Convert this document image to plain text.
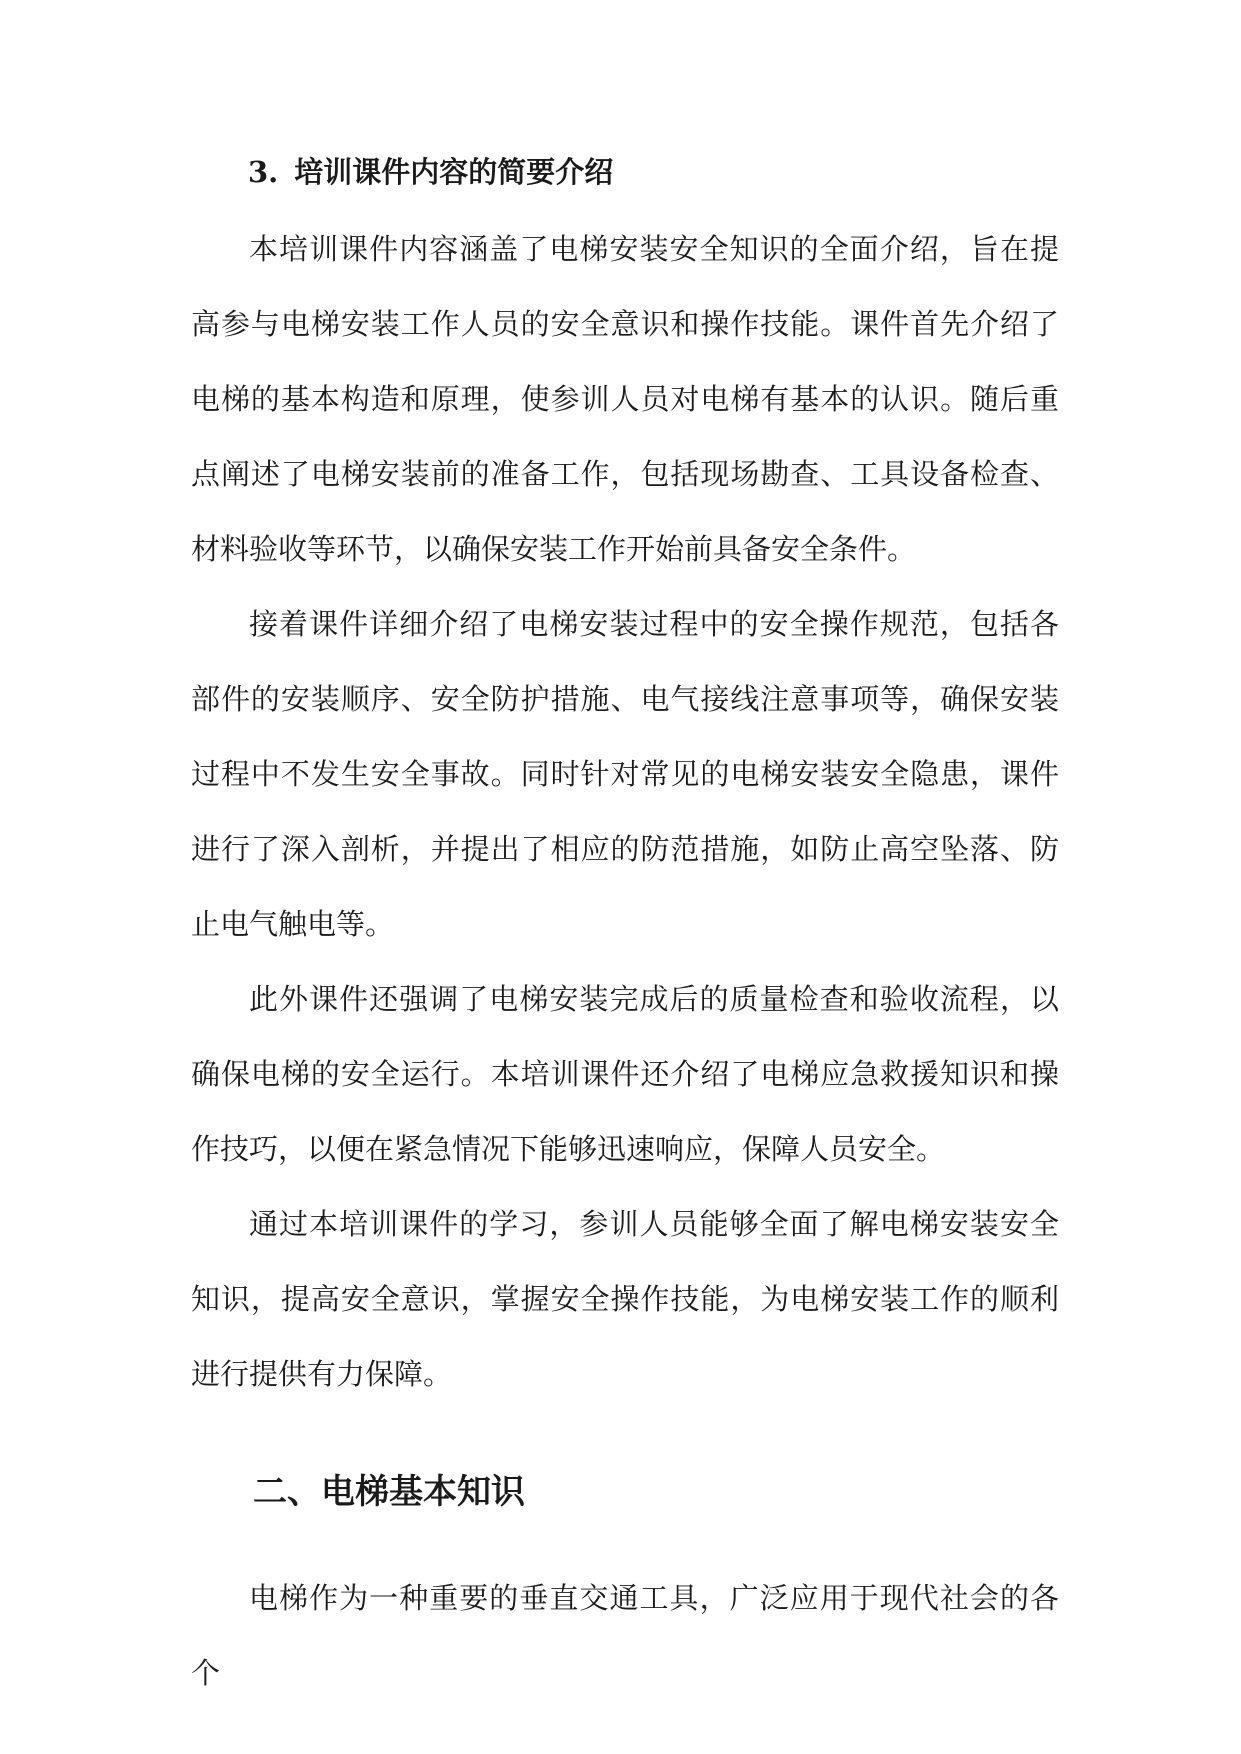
3. 培训课件内容的简要介绍

本培训课件内容涵盖了电梯安装安全知识的全面介绍，旨在提高参与电梯安装工作人员的安全意识和操作技能。课件首先介绍了电梯的基本构造和原理，使参训人员对电梯有基本的认识。随后重点阐述了电梯安装前的准备工作，包括现场勘查、工具设备检查、材料验收等环节，以确保安装工作开始前具备安全条件。

接着课件详细介绍了电梯安装过程中的安全操作规范，包括各部件的安装顺序、安全防护措施、电气接线注意事项等，确保安装过程中不发生安全事故。同时针对常见的电梯安装安全隐患，课件进行了深入剖析，并提出了相应的防范措施，如防止高空坠落、防止电气触电等。

此外课件还强调了电梯安装完成后的质量检查和验收流程，以确保电梯的安全运行。本培训课件还介绍了电梯应急救援知识和操作技巧，以便在紧急情况下能够迅速响应，保障人员安全。

通过本培训课件的学习，参训人员能够全面了解电梯安装安全知识，提高安全意识，掌握安全操作技能，为电梯安装工作的顺利进行提供有力保障。

二、电梯基本知识

电梯作为一种重要的垂直交通工具，广泛应用于现代社会的各个
